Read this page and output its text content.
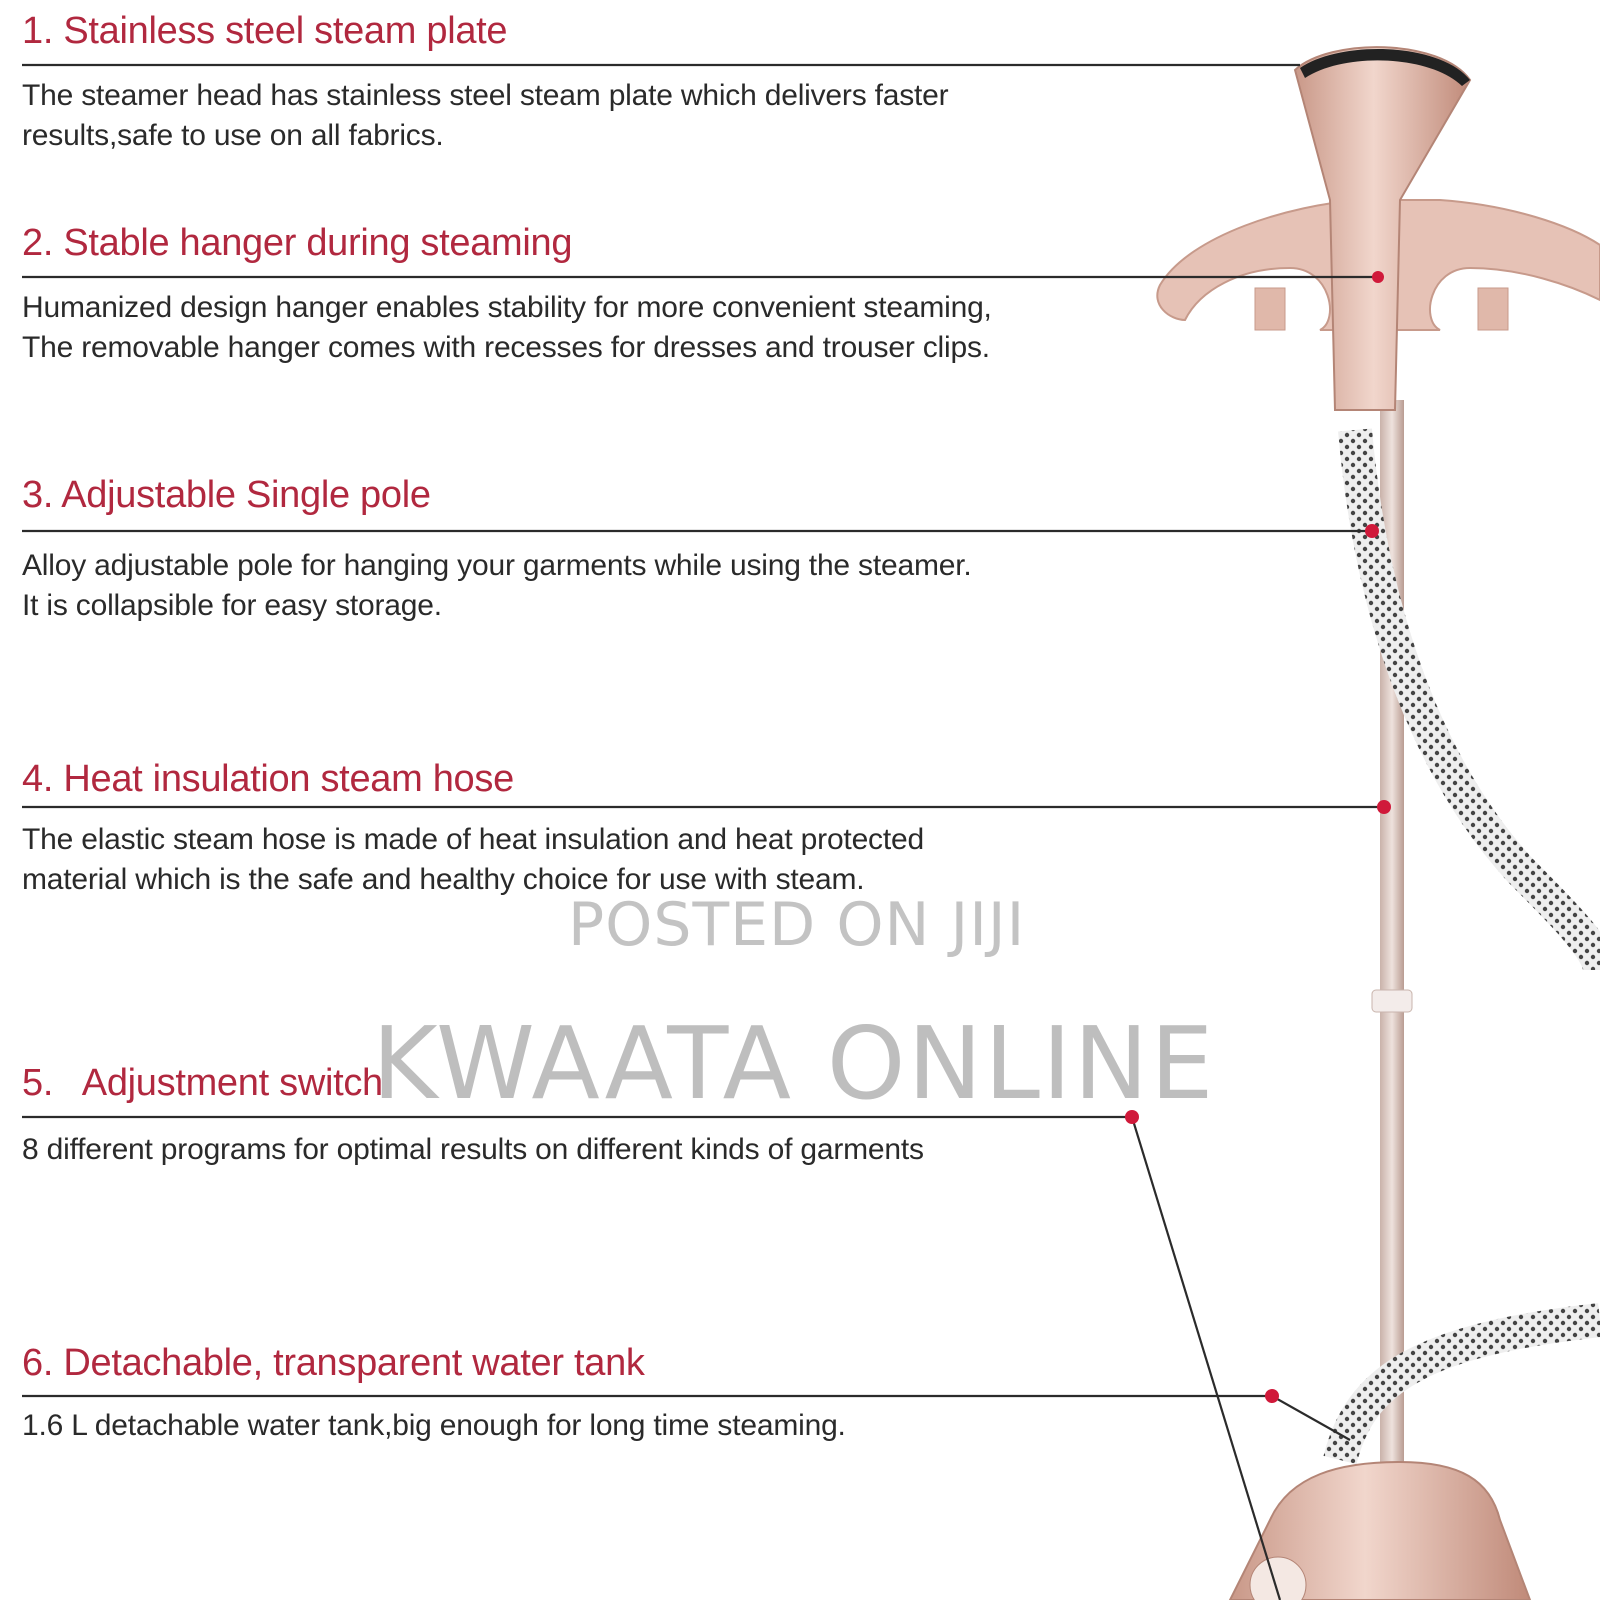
1. Stainless steel steam plate

The steamer head has stainless steel steam plate which delivers faster
results,safe to use on all fabrics.

2. Stable hanger during steaming

Humanized design hanger enables stability for more convenient steaming,
The removable hanger comes with recesses for dresses and trouser clips.

3. Adjustable Single pole

Alloy adjustable pole for hanging your garments while using the steamer.
It is collapsible for easy storage.

4. Heat insulation steam hose

The elastic steam hose is made of heat insulation and heat protected
material which is the safe and healthy choice for use with steam.

5.   Adjustment switch

8 different programs for optimal results on different kinds of garments

6. Detachable, transparent water tank

1.6 L detachable water tank,big enough for long time steaming.

POSTED ON JIJI
KWAATA ONLINE
